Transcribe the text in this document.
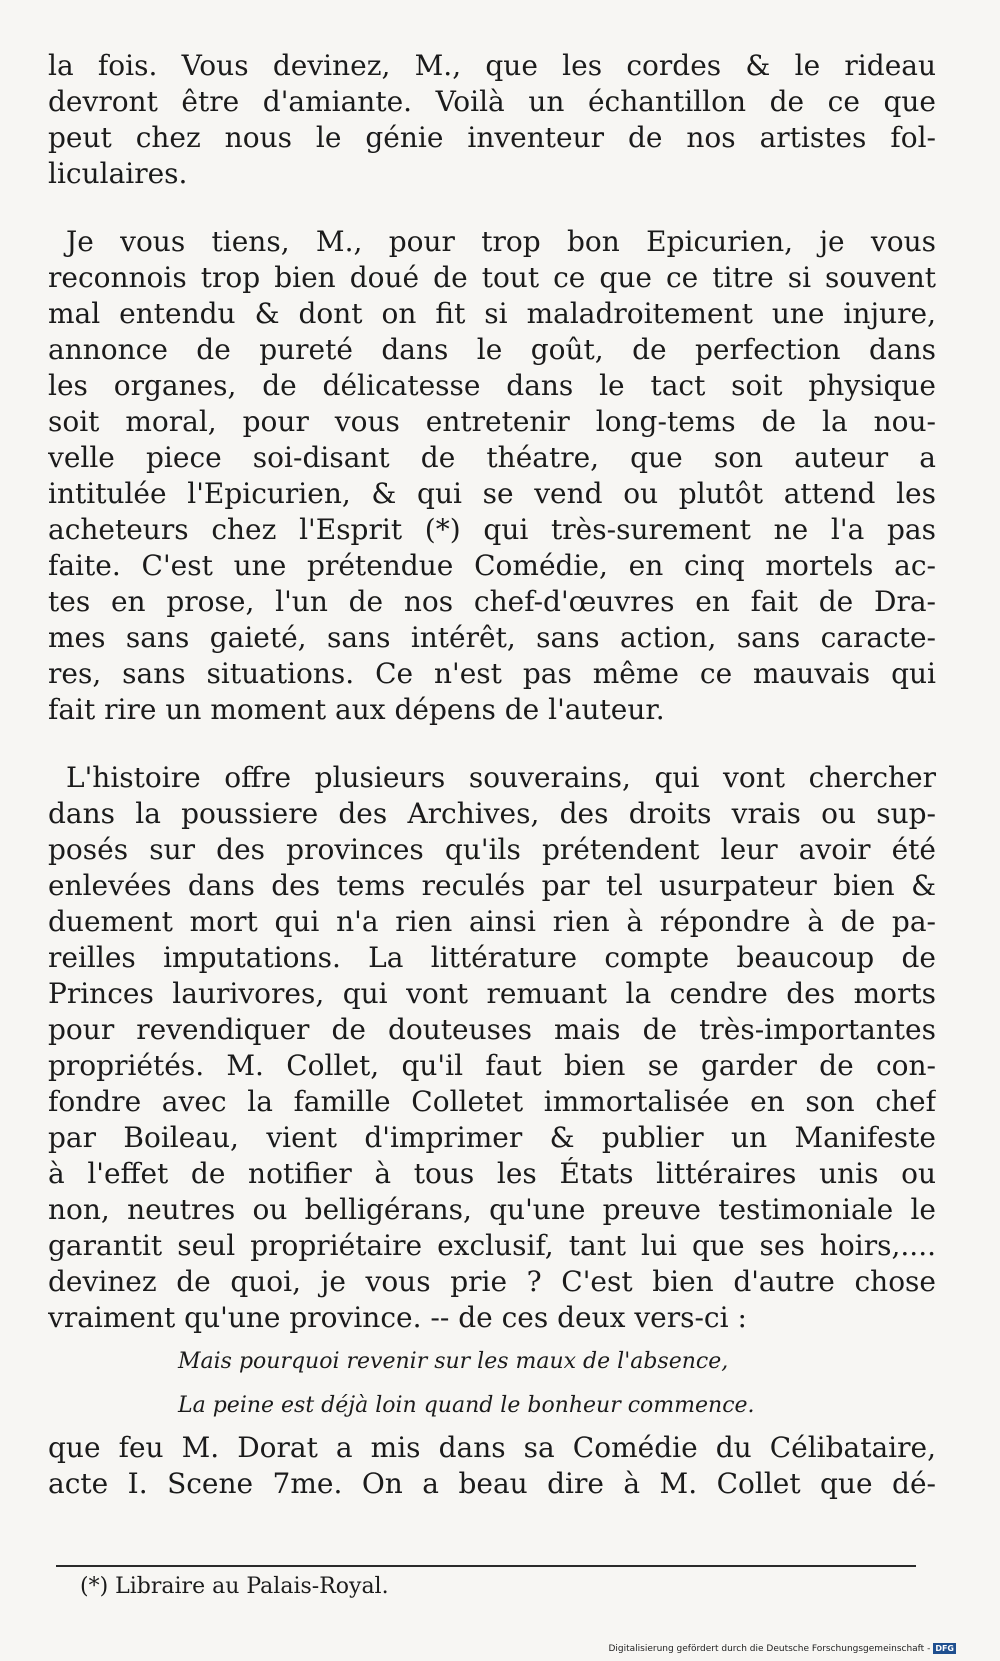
la fois. Vous devinez, M., que les cordes & le rideau
devront être d'amiante. Voilà un échantillon de ce que
peut chez nous le génie inventeur de nos artistes fol-
liculaires.
Je vous tiens, M., pour trop bon Epicurien, je vous
reconnois trop bien doué de tout ce que ce titre si souvent
mal entendu & dont on fit si maladroitement une injure,
annonce de pureté dans le goût, de perfection dans
les organes, de délicatesse dans le tact soit physique
soit moral, pour vous entretenir long-tems de la nou-
velle piece soi-disant de théatre, que son auteur a
intitulée l'Epicurien, & qui se vend ou plutôt attend les
acheteurs chez l'Esprit (*) qui très-surement ne l'a pas
faite. C'est une prétendue Comédie, en cinq mortels ac-
tes en prose, l'un de nos chef-d'œuvres en fait de Dra-
mes sans gaieté, sans intérêt, sans action, sans caracte-
res, sans situations. Ce n'est pas même ce mauvais qui
fait rire un moment aux dépens de l'auteur.
L'histoire offre plusieurs souverains, qui vont chercher
dans la poussiere des Archives, des droits vrais ou sup-
posés sur des provinces qu'ils prétendent leur avoir été
enlevées dans des tems reculés par tel usurpateur bien &
duement mort qui n'a rien ainsi rien à répondre à de pa-
reilles imputations. La littérature compte beaucoup de
Princes laurivores, qui vont remuant la cendre des morts
pour revendiquer de douteuses mais de très-importantes
propriétés. M. Collet, qu'il faut bien se garder de con-
fondre avec la famille Colletet immortalisée en son chef
par Boileau, vient d'imprimer & publier un Manifeste
à l'effet de notifier à tous les États littéraires unis ou
non, neutres ou belligérans, qu'une preuve testimoniale le
garantit seul propriétaire exclusif, tant lui que ses hoirs,....
devinez de quoi, je vous prie ? C'est bien d'autre chose
vraiment qu'une province. -- de ces deux vers-ci :
Mais pourquoi revenir sur les maux de l'absence,
La peine est déjà loin quand le bonheur commence.
que feu M. Dorat a mis dans sa Comédie du Célibataire,
acte I. Scene 7me. On a beau dire à M. Collet que dé-
(*) Libraire au Palais-Royal.
Digitalisierung gefördert durch die Deutsche Forschungsgemeinschaft - DFG
